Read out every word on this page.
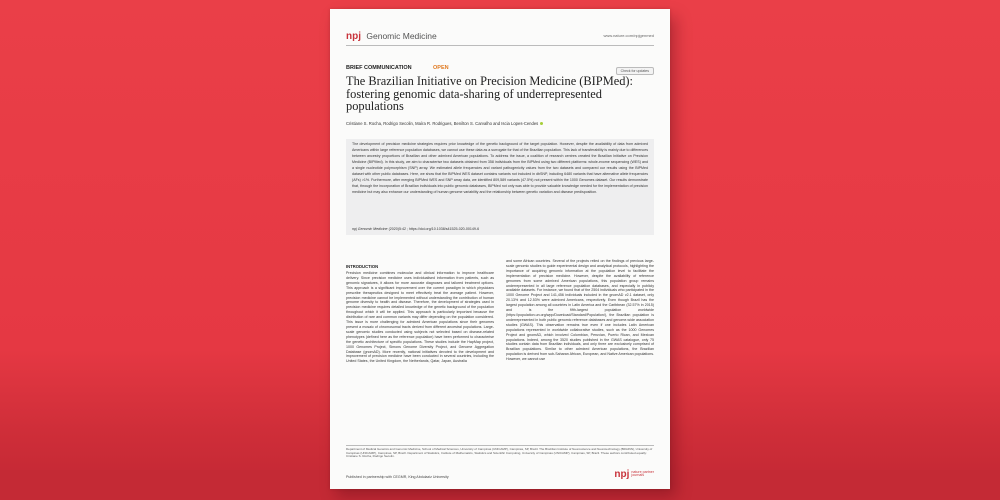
npj Genomic Medicine	www.nature.com/npjgenmed
BRIEF COMMUNICATION	OPEN	Check for updates
The Brazilian Initiative on Precision Medicine (BIPMed): fostering genomic data-sharing of underrepresented populations
Cristiane S. Rocha, Rodrigo Secolin, Maíra R. Rodrigues, Benilton S. Carvalho and Iscia Lopes-Cendes
The development of precision medicine strategies requires prior knowledge of the genetic background of the target population. However, despite the availability of data from admixed Americans within large reference population databases, we cannot use these data as a surrogate for that of the Brazilian population. This lack of transferability is mainly due to differences between ancestry proportions of Brazilian and other admixed American populations. To address the issue, a coalition of research centres created the Brazilian Initiative on Precision Medicine (BIPMed). In this study, we aim to characterise two datasets obtained from 358 individuals from the BIPMed using two different platforms: whole-exome sequencing (WES) and a single nucleotide polymorphism (SNP) array. We estimated allele frequencies and variant pathogenicity values from the two datasets and compared our results using the BIPMed dataset with other public databases. Here, we show that the BIPMed WES dataset contains variants not included in dbSNP, including 6480 variants that have alternative allele frequencies (AFs) >1%. Furthermore, after merging BIPMed WES and SNP array data, we identified 809,589 variants (47.5%) not present within the 1000 Genomes dataset. Our results demonstrate that, through the incorporation of Brazilian individuals into public genomic databases, BIPMed not only was able to provide valuable knowledge needed for the implementation of precision medicine but may also enhance our understanding of human genome variability and the relationship between genetic variation and disease predisposition.
npj Genomic Medicine (2020)5:42 ; https://doi.org/10.1038/s41525-020-00149-6
INTRODUCTION
Precision medicine combines molecular and clinical information to improve healthcare delivery. Since precision medicine uses individualised information from patients, such as genomic signatures, it allows for more accurate diagnoses and tailored treatment options. This approach is a significant improvement over the current paradigm in which physicians prescribe therapeutics designed to meet effectively treat the average patient. However, precision medicine cannot be implemented without understanding the contribution of human genome diversity to health and disease. Therefore, the development of strategies used in precision medicine requires detailed knowledge of the genetic background of the population throughout which it will be applied. This approach is particularly important because the distribution of rare and common variants may differ depending on the population considered. This issue is more challenging for admixed American populations since their genomes present a mosaic of chromosomal tracts derived from different ancestral populations. Large-scale genomic studies conducted using subjects not selected based on disease-related phenotypes (defined here as the reference population) have been performed to characterise the genetic architecture of specific populations. These studies include the HapMap project, 1000 Genomes Project, Simons Genome Diversity Project, and Genome Aggregation Database (gnomAD). More recently, national initiatives devoted to the development and improvement of precision medicine have been conducted in several countries, including the United States, the United Kingdom, the Netherlands, Qatar, Japan, Australia
and some African countries. Several of the projects relied on the findings of previous large-scale genomic studies to guide experimental design and analytical protocols, highlighting the importance of acquiring genomic information at the population level to facilitate the implementation of precision medicine. However, despite the availability of reference genomes from some admixed American populations, this population group remains underrepresented in all large reference population databases, and especially in publicly available datasets. For instance, we found that of the 2504 individuals who participated in the 1000 Genome Project and 141,456 individuals included in the gnomAD v2.1 dataset, only 20.13% and 12.53% were admixed Americans, respectively. Even though Brazil has the largest population among all countries in Latin America and the Caribbean (32.57% in 2015) and is the fifth-largest population worldwide (https://population.un.org/wpp/Download/Standard/Population/), the Brazilian population is underrepresented in both public genomic reference databases and genome-wide association studies (GWAS). This observation remains true even if one includes Latin American populations represented in worldwide collaborative studies, such as the 1000 Genomes Project and gnomAD, which involved Colombian, Peruvian, Puerto Rican, and Mexican populations. Indeed, among the 3520 studies published in the GWAS catalogue, only 75 studies contain data from Brazilian individuals, and only three are exclusively comprised of Brazilian populations. Similar to other admixed American populations, the Brazilian population is derived from sub-Saharan African, European, and Native American populations. However, we cannot use
Department of Medical Genetics and Genomic Medicine, School of Medical Sciences, University of Campinas (UNICAMP), Campinas, SP, Brazil. The Brazilian Institute of Neuroscience and Neurotechnology (BRAINN), University of Campinas (UNICAMP), Campinas, SP, Brazil. Department of Statistics, Institute of Mathematics, Statistics and Scientific Computing, University of Campinas (UNICAMP), Campinas, SP, Brazil. These authors contributed equally: Cristiane S. Rocha, Rodrigo Secolin.
Published in partnership with CEGMR, King Abdulaziz University	npj nature partner
journals
